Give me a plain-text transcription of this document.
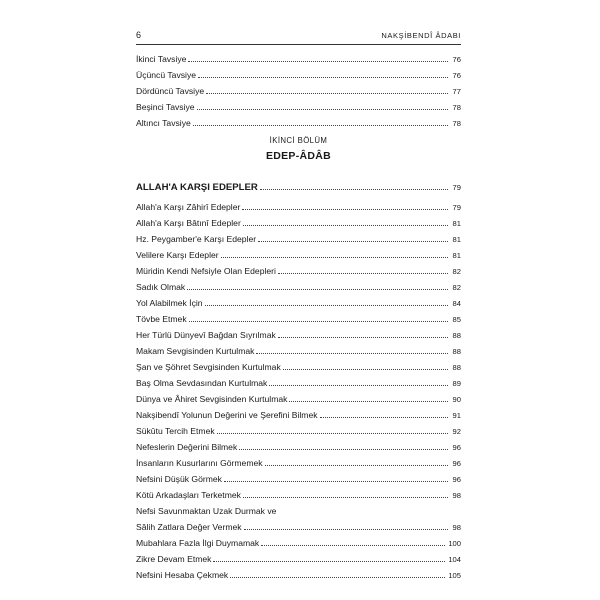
6	NAKŞİBENDÎ ÂDABI
İkinci Tavsiye	76
Üçüncü Tavsiye	76
Dördüncü Tavsiye	77
Beşinci Tavsiye	78
Altıncı Tavsiye	78
İKİNCİ BÖLÜM
EDEP-ÂDÂB
ALLAH'A KARŞI EDEPLER	79
Allah'a Karşı Zâhirî Edepler	79
Allah'a Karşı Bâtınî Edepler	81
Hz. Peygamber'e Karşı Edepler	81
Velilere Karşı Edepler	81
Müridin Kendi Nefsiyle Olan Edepleri	82
Sadık Olmak	82
Yol Alabilmek İçin	84
Tövbe Etmek	85
Her Türlü Dünyevî Bağdan Sıyrılmak	88
Makam Sevgisinden Kurtulmak	88
Şan ve Şöhret Sevgisinden Kurtulmak	88
Baş Olma Sevdasından Kurtulmak	89
Dünya ve Âhiret Sevgisinden Kurtulmak	90
Nakşibendî Yolunun Değerini ve Şerefini Bilmek	91
Sükûtu Tercih Etmek	92
Nefeslerin Değerini Bilmek	96
İnsanların Kusurlarını Görmemek	96
Nefsini Düşük Görmek	96
Kötü Arkadaşları Terketmek	98
Nefsi Savunmaktan Uzak Durmak ve
Sâlih Zatlara Değer Vermek	98
Mubahlara Fazla İlgi Duymamak	100
Zikre Devam Etmek	104
Nefsini Hesaba Çekmek	105
